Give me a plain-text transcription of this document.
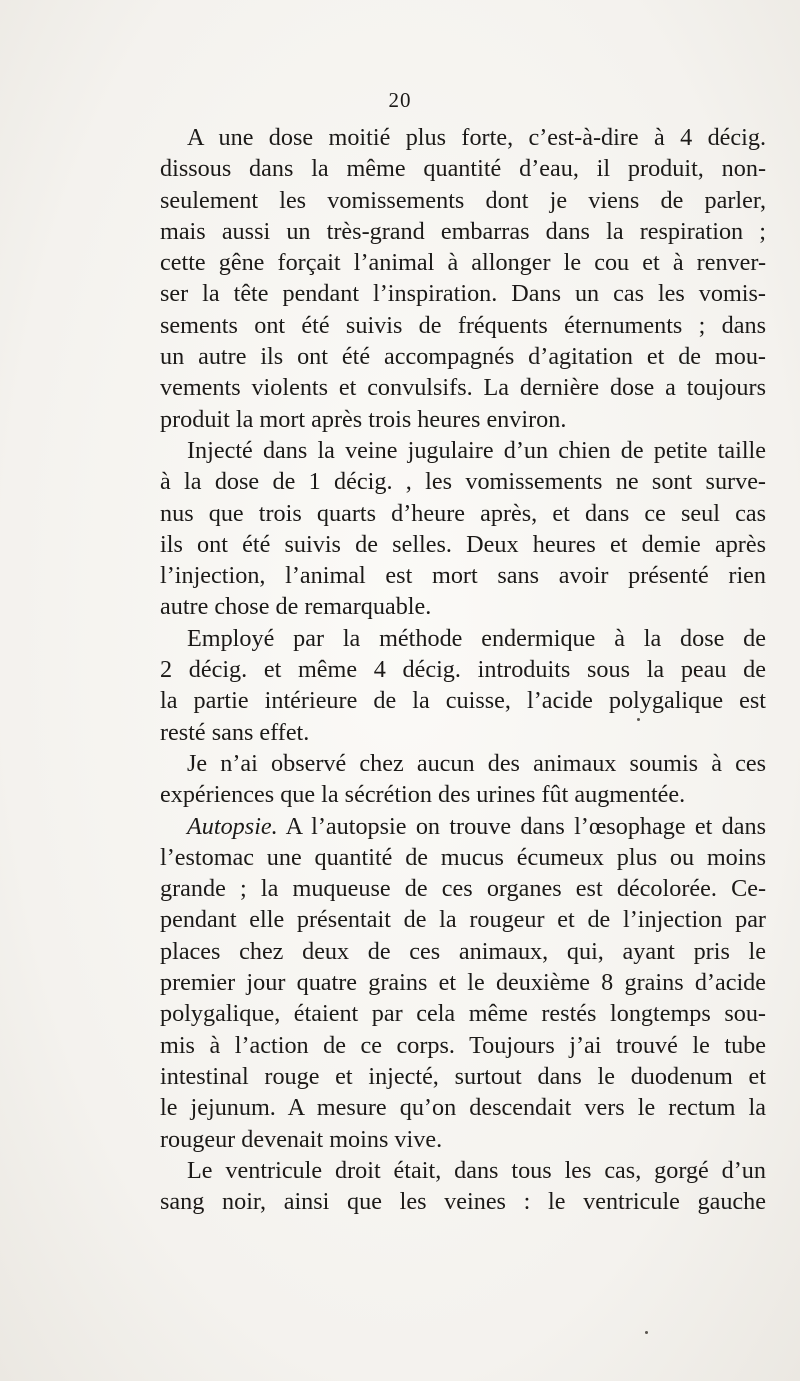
20
A une dose moitié plus forte, c’est-à-dire à 4 décig.
dissous dans la même quantité d’eau, il produit, non-
seulement les vomissements dont je viens de parler,
mais aussi un très-grand embarras dans la respiration ;
cette gêne forçait l’animal à allonger le cou et à renver-
ser la tête pendant l’inspiration. Dans un cas les vomis-
sements ont été suivis de fréquents éternuments ; dans
un autre ils ont été accompagnés d’agitation et de mou-
vements violents et convulsifs. La dernière dose a toujours
produit la mort après trois heures environ.
Injecté dans la veine jugulaire d’un chien de petite taille
à la dose de 1 décig. , les vomissements ne sont surve-
nus que trois quarts d’heure après, et dans ce seul cas
ils ont été suivis de selles. Deux heures et demie après
l’injection, l’animal est mort sans avoir présenté rien
autre chose de remarquable.
Employé par la méthode endermique à la dose de
2 décig. et même 4 décig. introduits sous la peau de
la partie intérieure de la cuisse, l’acide polygalique est
resté sans effet.
Je n’ai observé chez aucun des animaux soumis à ces
expériences que la sécrétion des urines fût augmentée.
Autopsie. A l’autopsie on trouve dans l’œsophage et dans
l’estomac une quantité de mucus écumeux plus ou moins
grande ; la muqueuse de ces organes est décolorée. Ce-
pendant elle présentait de la rougeur et de l’injection par
places chez deux de ces animaux, qui, ayant pris le
premier jour quatre grains et le deuxième 8 grains d’acide
polygalique, étaient par cela même restés longtemps sou-
mis à l’action de ce corps. Toujours j’ai trouvé le tube
intestinal rouge et injecté, surtout dans le duodenum et
le jejunum. A mesure qu’on descendait vers le rectum la
rougeur devenait moins vive.
Le ventricule droit était, dans tous les cas, gorgé d’un
sang noir, ainsi que les veines : le ventricule gauche
